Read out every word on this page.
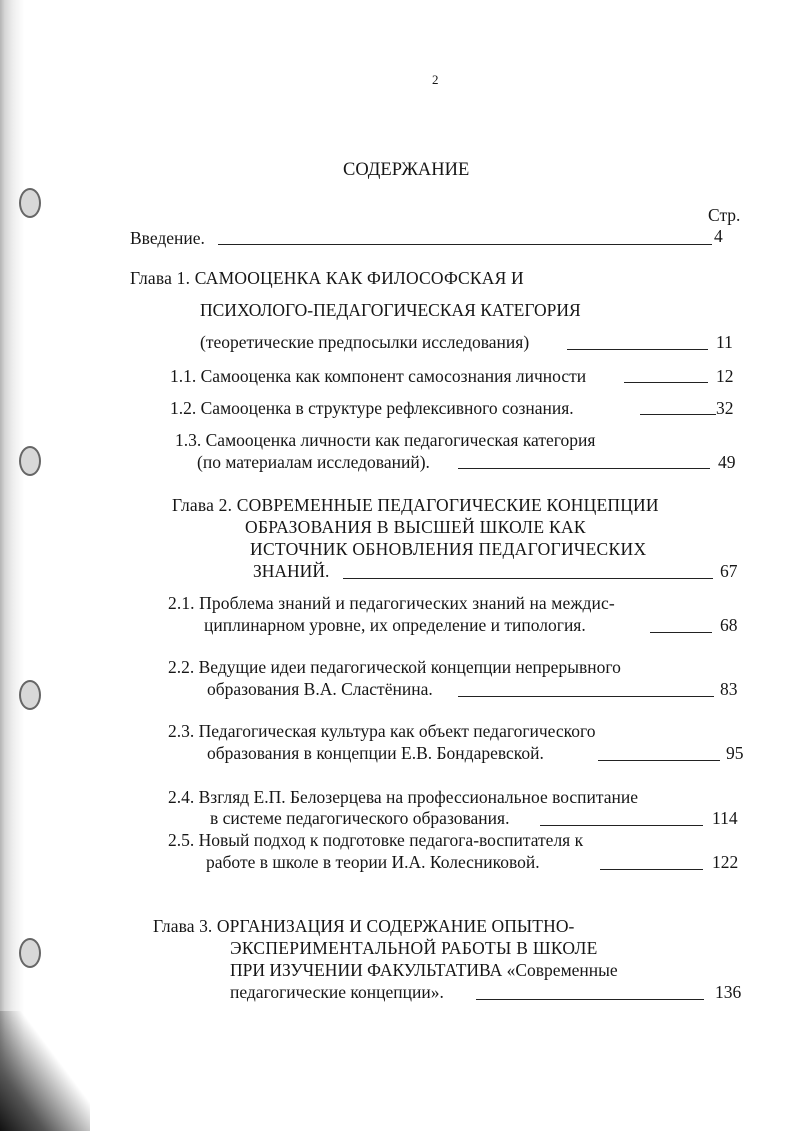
2
СОДЕРЖАНИЕ
Стр.
Введение.	4
Глава 1. САМООЦЕНКА КАК ФИЛОСОФСКАЯ И
ПСИХОЛОГО-ПЕДАГОГИЧЕСКАЯ КАТЕГОРИЯ
(теоретические предпосылки исследования)	11
1.1. Самооценка как компонент самосознания личности	12
1.2. Самооценка в структуре рефлексивного сознания.	32
1.3. Самооценка личности как педагогическая категория
(по материалам исследований).	49
Глава 2. СОВРЕМЕННЫЕ ПЕДАГОГИЧЕСКИЕ КОНЦЕПЦИИ
ОБРАЗОВАНИЯ В ВЫСШЕЙ ШКОЛЕ КАК
ИСТОЧНИК ОБНОВЛЕНИЯ ПЕДАГОГИЧЕСКИХ
ЗНАНИЙ.	67
2.1. Проблема знаний и педагогических знаний на междис-
циплинарном уровне, их определение и типология.	68
2.2. Ведущие идеи педагогической концепции непрерывного
образования В.А. Сластёнина.	83
2.3. Педагогическая культура как объект педагогического
образования в концепции Е.В. Бондаревской.	95
2.4. Взгляд Е.П. Белозерцева на профессиональное воспитание
в системе педагогического образования.	114
2.5. Новый подход к подготовке педагога-воспитателя к
работе в школе в теории И.А. Колесниковой.	122
Глава 3. ОРГАНИЗАЦИЯ И СОДЕРЖАНИЕ ОПЫТНО-
ЭКСПЕРИМЕНТАЛЬНОЙ РАБОТЫ В ШКОЛЕ
ПРИ ИЗУЧЕНИИ ФАКУЛЬТАТИВА «Современные
педагогические концепции».	136
